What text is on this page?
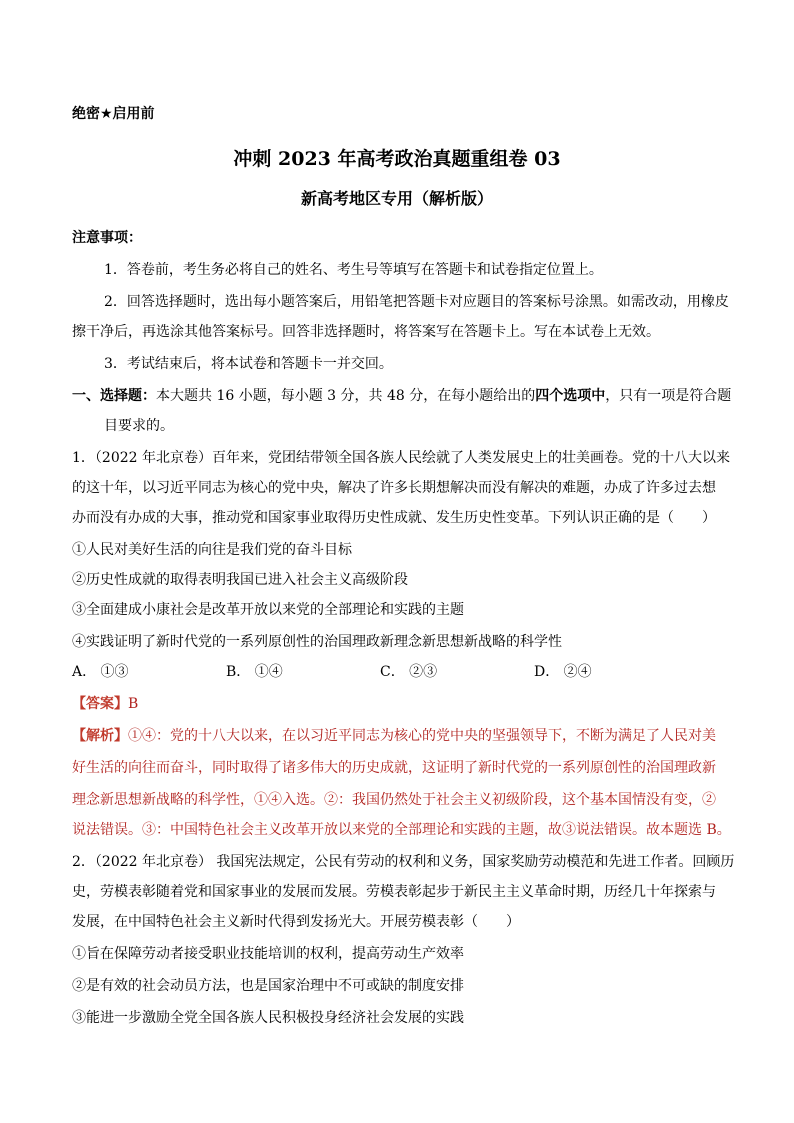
绝密★启用前
冲刺 2023 年高考政治真题重组卷 03
新高考地区专用（解析版）
注意事项：
1．答卷前，考生务必将自己的姓名、考生号等填写在答题卡和试卷指定位置上。
2．回答选择题时，选出每小题答案后，用铅笔把答题卡对应题目的答案标号涂黑。如需改动，用橡皮
擦干净后，再选涂其他答案标号。回答非选择题时，将答案写在答题卡上。写在本试卷上无效。
3．考试结束后，将本试卷和答题卡一并交回。
一、选择题：本大题共 16 小题，每小题 3 分，共 48 分，在每小题给出的四个选项中，只有一项是符合题
目要求的。
1．（2022 年北京卷）百年来，党团结带领全国各族人民绘就了人类发展史上的壮美画卷。党的十八大以来
的这十年，以习近平同志为核心的党中央，解决了许多长期想解决而没有解决的难题，办成了许多过去想
办而没有办成的大事，推动党和国家事业取得历史性成就、发生历史性变革。下列认识正确的是（　　）
①人民对美好生活的向往是我们党的奋斗目标
②历史性成就的取得表明我国已进入社会主义高级阶段
③全面建成小康社会是改革开放以来党的全部理论和实践的主题
④实践证明了新时代党的一系列原创性的治国理政新理念新思想新战略的科学性
A． ①③	B． ①④	C． ②③	D． ②④
【答案】B
【解析】①④：党的十八大以来，在以习近平同志为核心的党中央的坚强领导下，不断为满足了人民对美
好生活的向往而奋斗，同时取得了诸多伟大的历史成就，这证明了新时代党的一系列原创性的治国理政新
理念新思想新战略的科学性，①④入选。②：我国仍然处于社会主义初级阶段，这个基本国情没有变，②
说法错误。③：中国特色社会主义改革开放以来党的全部理论和实践的主题，故③说法错误。故本题选 B。
2．（2022 年北京卷） 我国宪法规定，公民有劳动的权利和义务，国家奖励劳动模范和先进工作者。回顾历
史，劳模表彰随着党和国家事业的发展而发展。劳模表彰起步于新民主主义革命时期，历经几十年探索与
发展，在中国特色社会主义新时代得到发扬光大。开展劳模表彰（　　）
①旨在保障劳动者接受职业技能培训的权利，提高劳动生产效率
②是有效的社会动员方法，也是国家治理中不可或缺的制度安排
③能进一步激励全党全国各族人民积极投身经济社会发展的实践
